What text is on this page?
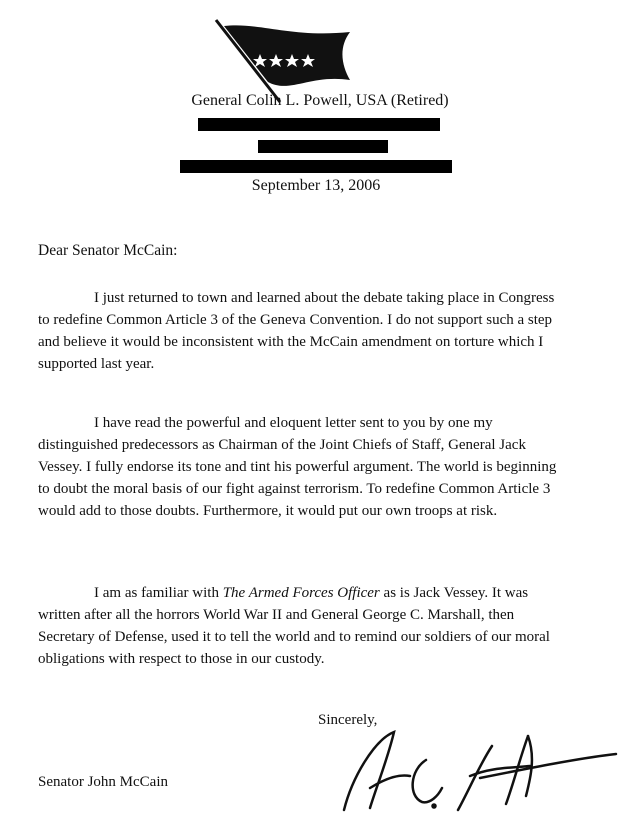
General Colin L. Powell, USA (Retired)
September 13, 2006
Dear Senator McCain:

I just returned to town and learned about the debate taking place in Congress to redefine Common Article 3 of the Geneva Convention. I do not support such a step and believe it would be inconsistent with the McCain amendment on torture which I supported last year.

I have read the powerful and eloquent letter sent to you by one my distinguished predecessors as Chairman of the Joint Chiefs of Staff, General Jack Vessey. I fully endorse its tone and tint his powerful argument. The world is beginning to doubt the moral basis of our fight against terrorism. To redefine Common Article 3 would add to those doubts. Furthermore, it would put our own troops at risk.

I am as familiar with The Armed Forces Officer as is Jack Vessey. It was written after all the horrors World War II and General George C. Marshall, then Secretary of Defense, used it to tell the world and to remind our soldiers of our moral obligations with respect to those in our custody.

Sincerely,
Senator John McCain
